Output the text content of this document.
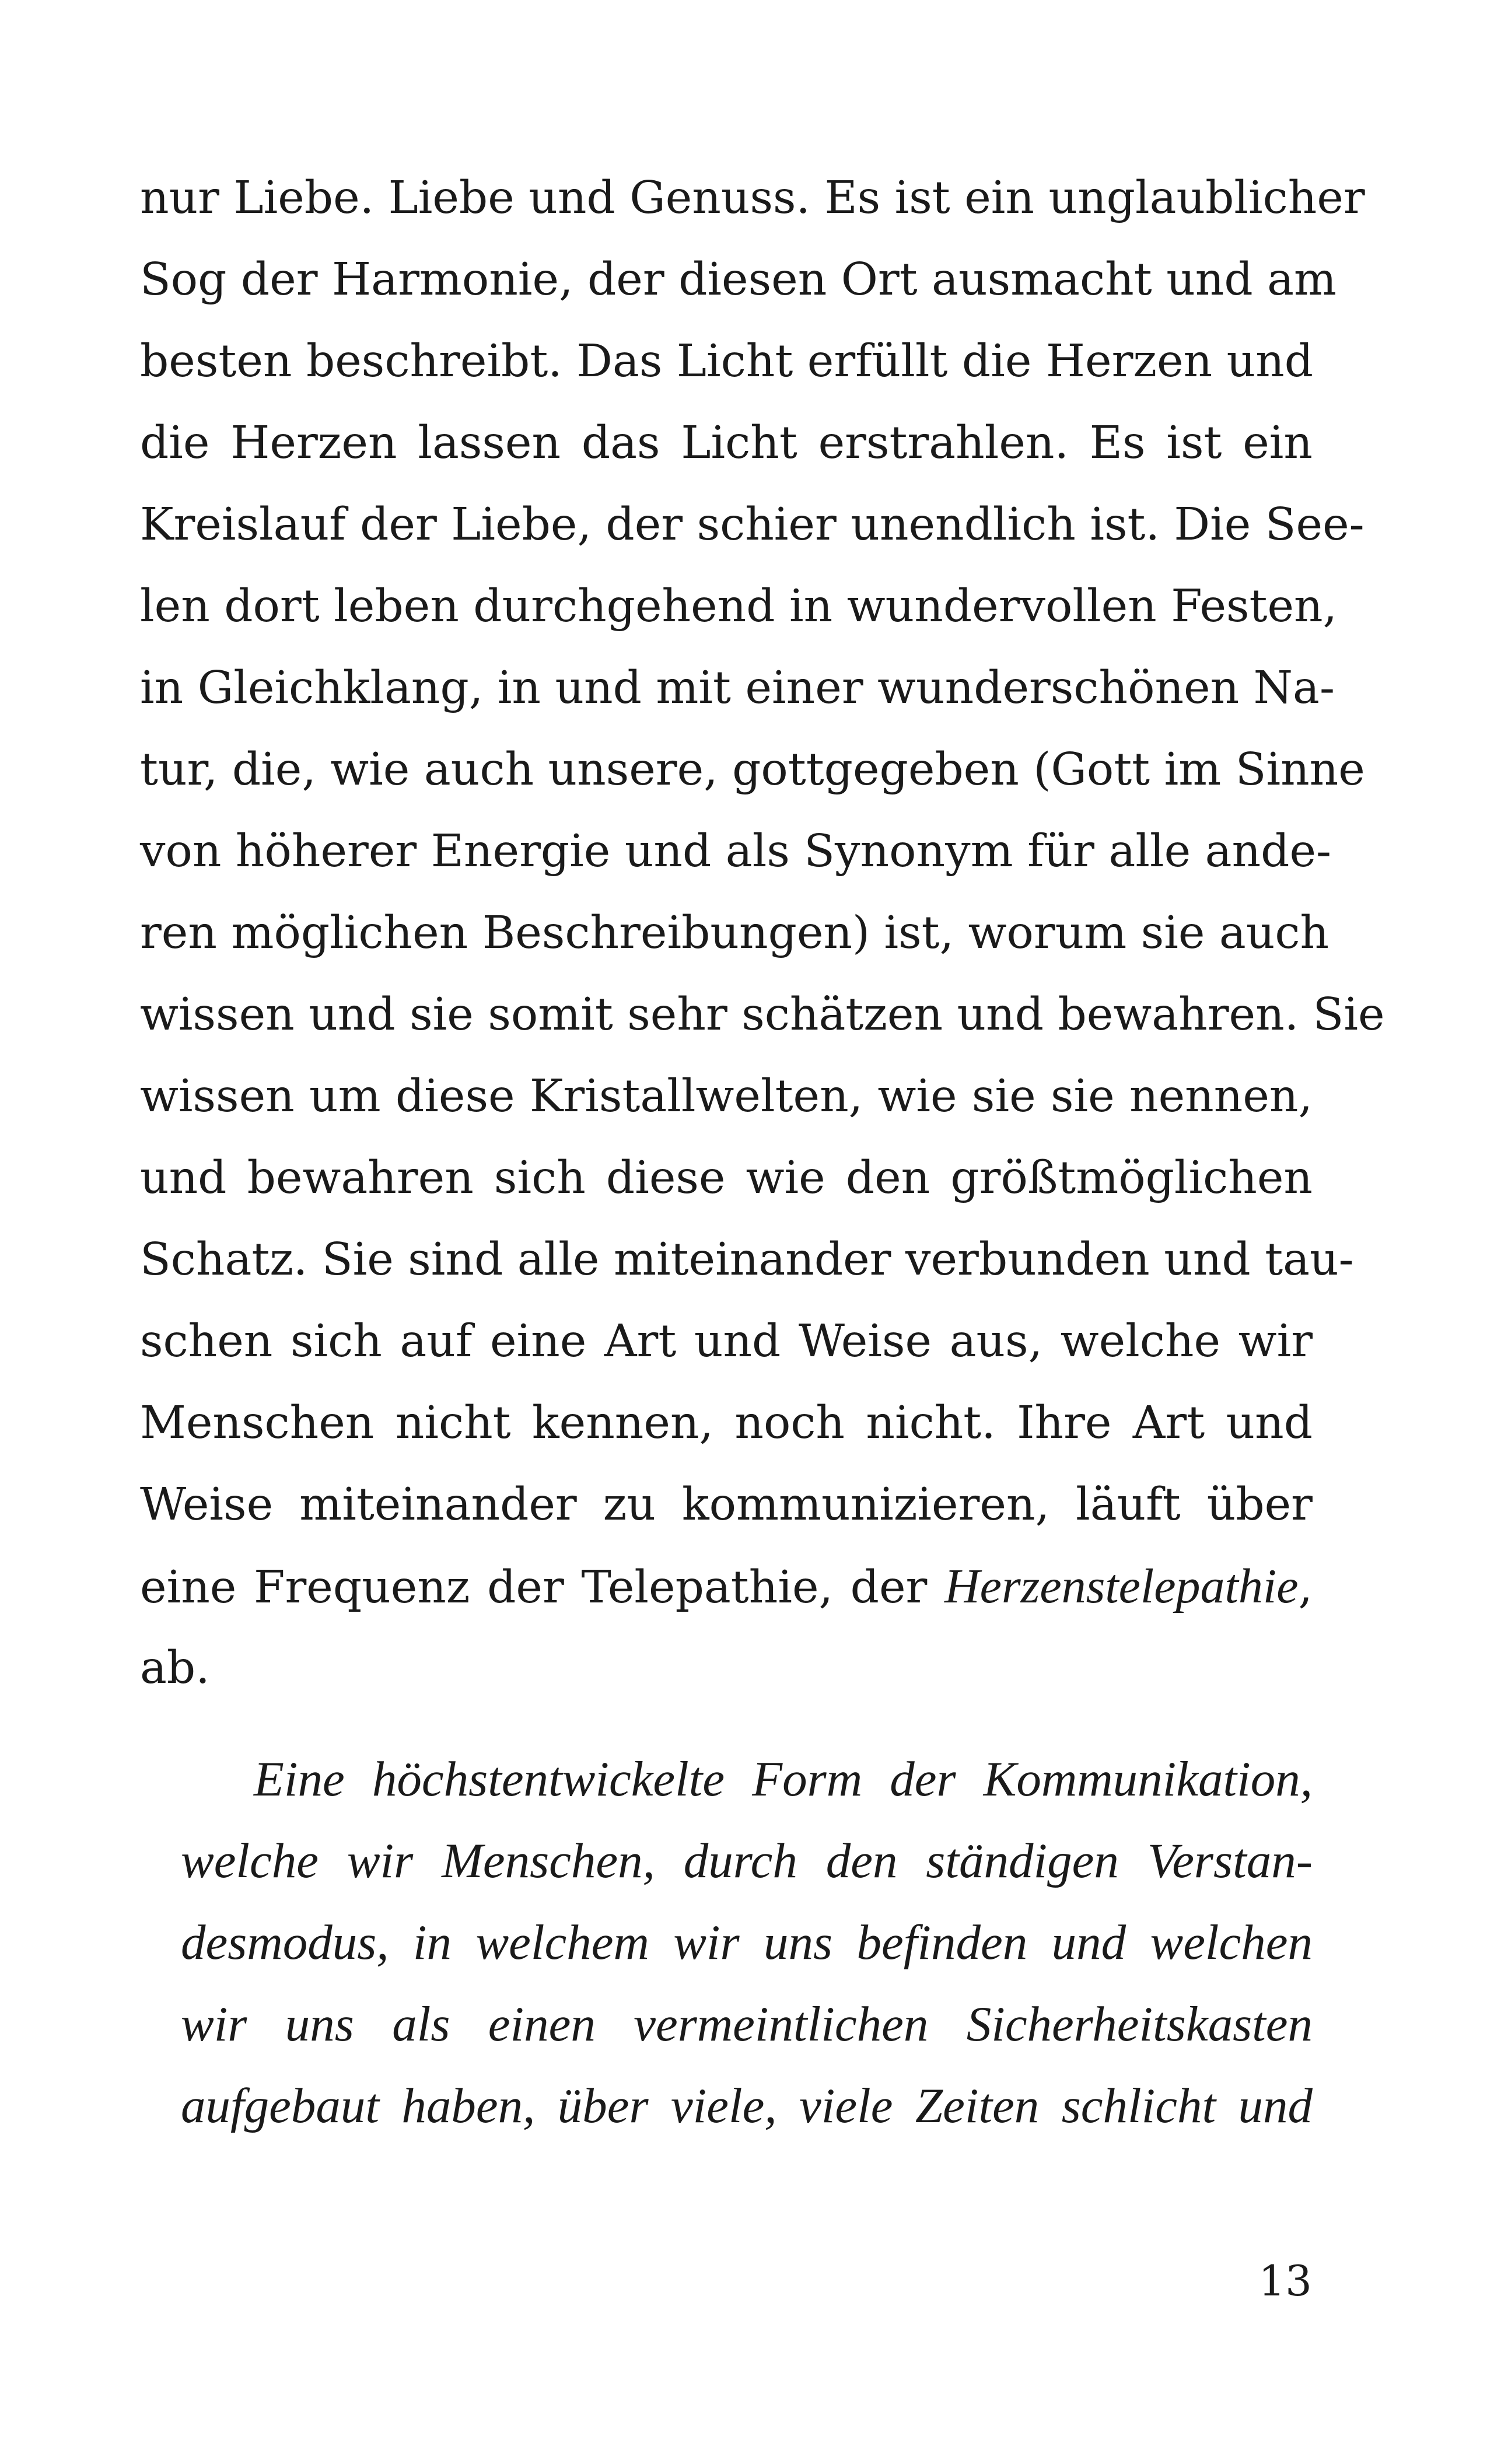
nur Liebe. Liebe und Genuss. Es ist ein unglaublicher
Sog der Harmonie, der diesen Ort ausmacht und am
besten beschreibt. Das Licht erfüllt die Herzen und
die Herzen lassen das Licht erstrahlen. Es ist ein
Kreislauf der Liebe, der schier unendlich ist. Die See-
len dort leben durchgehend in wundervollen Festen,
in Gleichklang, in und mit einer wunderschönen Na-
tur, die, wie auch unsere, gottgegeben (Gott im Sinne
von höherer Energie und als Synonym für alle ande-
ren möglichen Beschreibungen) ist, worum sie auch
wissen und sie somit sehr schätzen und bewahren. Sie
wissen um diese Kristallwelten, wie sie sie nennen,
und bewahren sich diese wie den größtmöglichen
Schatz. Sie sind alle miteinander verbunden und tau-
schen sich auf eine Art und Weise aus, welche wir
Menschen nicht kennen, noch nicht. Ihre Art und
Weise miteinander zu kommunizieren, läuft über
eine Frequenz der Telepathie, der Herzenstelepathie,
ab.
Eine höchstentwickelte Form der Kommunikation,
welche wir Menschen, durch den ständigen Verstan-
desmodus, in welchem wir uns befinden und welchen
wir uns als einen vermeintlichen Sicherheitskasten
aufgebaut haben, über viele, viele Zeiten schlicht und
13
